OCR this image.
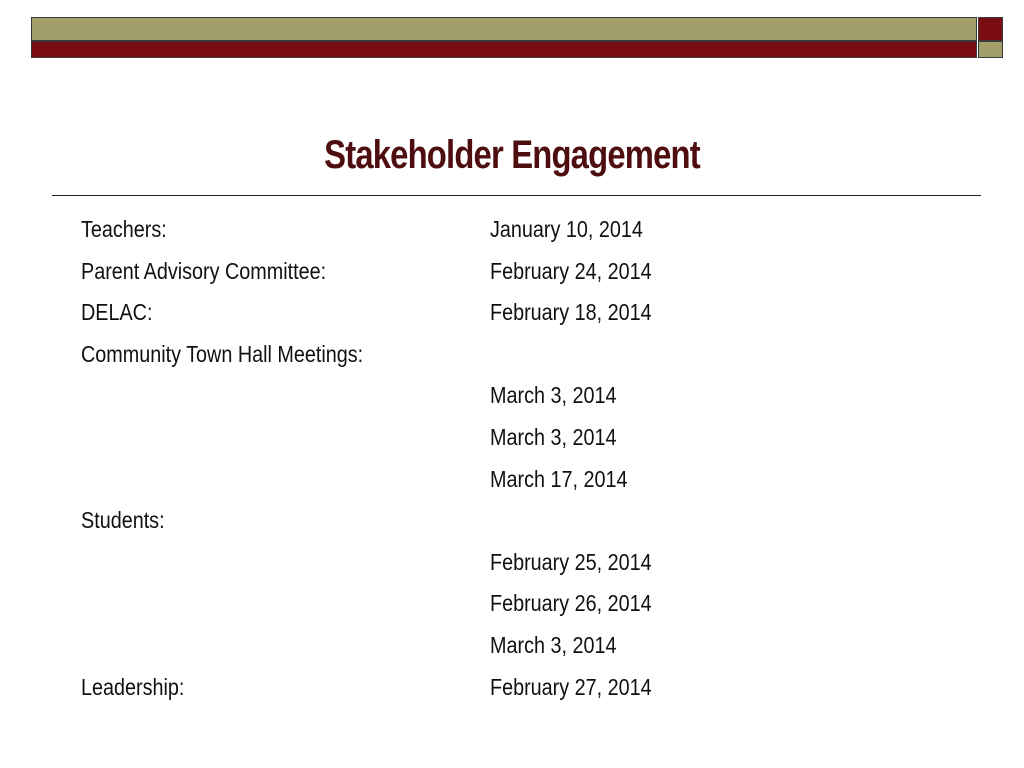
Stakeholder Engagement
Teachers:	January 10, 2014
Parent Advisory Committee:	February 24, 2014
DELAC:	February 18, 2014
Community Town Hall Meetings:
March 3, 2014
March 3, 2014
March 17, 2014
Students:
February 25, 2014
February 26, 2014
March 3, 2014
Leadership:	February 27, 2014
